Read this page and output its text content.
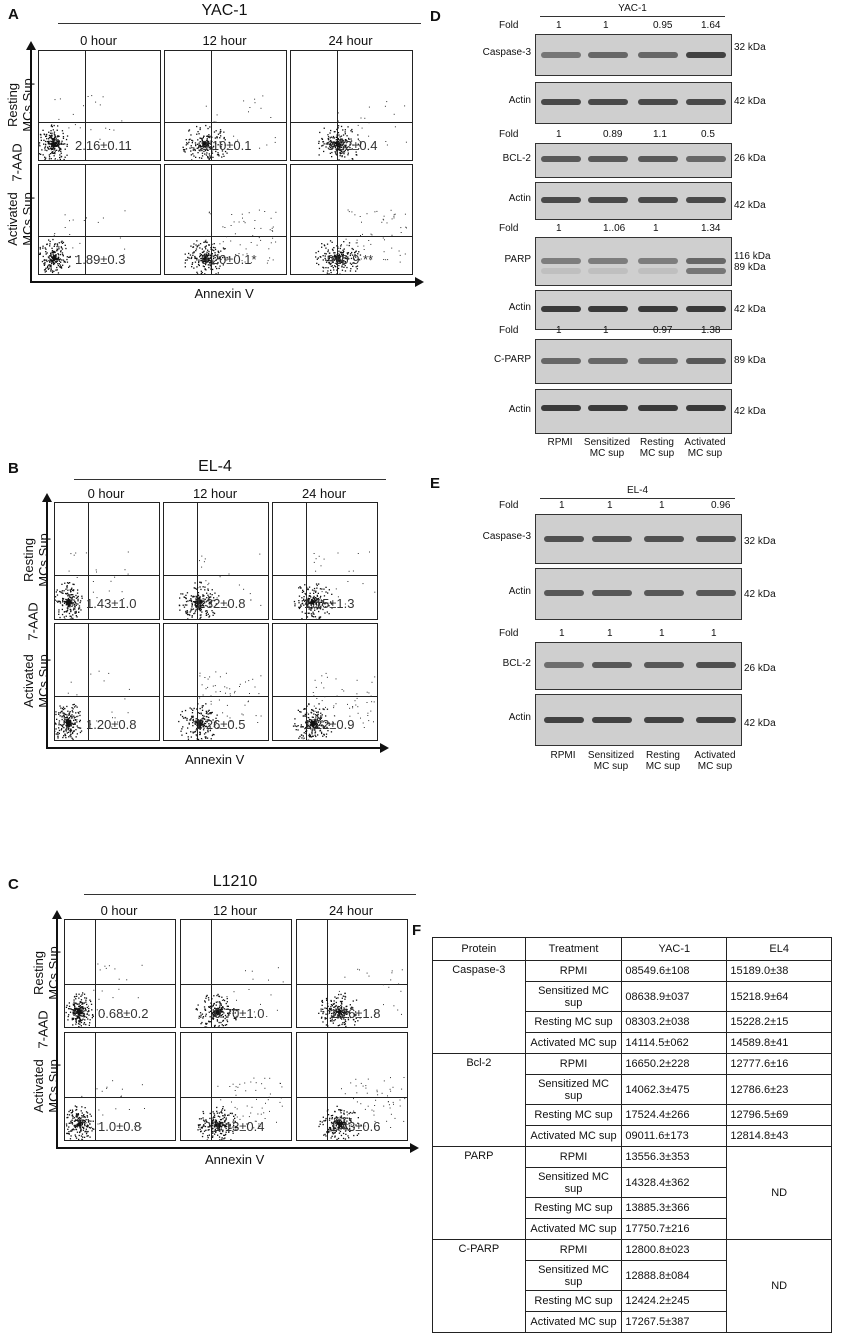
A	YAC-1
0 hour	12 hour	24 hour
2.16±0.11	3.10±0.1	3.32±0.4
1.89±0.3	9.20±0.1*	9±0.9 **
Resting
MCs Sup
Activated
MCs Sup
7-AAD
Annexin V
B	EL-4
0 hour	12 hour	24 hour
1.43±1.0	1.32±0.8	1.15±1.3
1.20±0.8	1.26±0.5	1.22±0.9
Resting
MCs Sup
Activated
MCs Sup
7-AAD
Annexin V
C	L1210
0 hour	12 hour	24 hour
0.68±0.2	0.70±1.0	1.26±1.8
1.0±0.8	1.13±0.4	1.43±0.6
Resting
MCs Sup
Activated
MCs Sup
7-AAD
Annexin V
D	YAC-1
Fold	1	1	0.95	1.64
Caspase-3	32 kDa
Actin	42 kDa
Fold	1	0.89	1.1	0.5
BCL-2	26 kDa
Actin
42 kDa
Fold	1	1..06	1	1.34
PARP	116 kDa
89 kDa
Actin	42 kDa
Fold	1	1	0.97	1.38
C-PARP	89 kDa
Actin	42 kDa
RPMI	Sensitized
MC sup
Resting
MC sup
Activated
MC sup
E	EL-4
Fold	1	1	1	0.96
Caspase-3	32 kDa
Actin	42 kDa
Fold	1	1	1	1
BCL-2	26 kDa
Actin
42 kDa
RPMI	Sensitized
MC sup
Resting
MC sup
Activated
MC sup
F
Protein	Treatment	YAC-1	EL4
Caspase-3	RPMI	08549.6±108	15189.0±38
	Sensitized MC sup	08638.9±037	15218.9±64
	Resting MC sup	08303.2±038	15228.2±15
	Activated MC sup	14114.5±062	14589.8±41
Bcl-2	RPMI	16650.2±228	12777.6±16
	Sensitized MC sup	14062.3±475	12786.6±23
	Resting MC sup	17524.4±266	12796.5±69
	Activated MC sup	09011.6±173	12814.8±43
PARP	RPMI	13556.3±353	ND
	Sensitized MC sup	14328.4±362	
	Resting MC sup	13885.3±366	
	Activated MC sup	17750.7±216	
C-PARP	RPMI	12800.8±023	ND
	Sensitized MC sup	12888.8±084	
	Resting MC sup	12424.2±245	
	Activated MC sup	17267.5±387	
